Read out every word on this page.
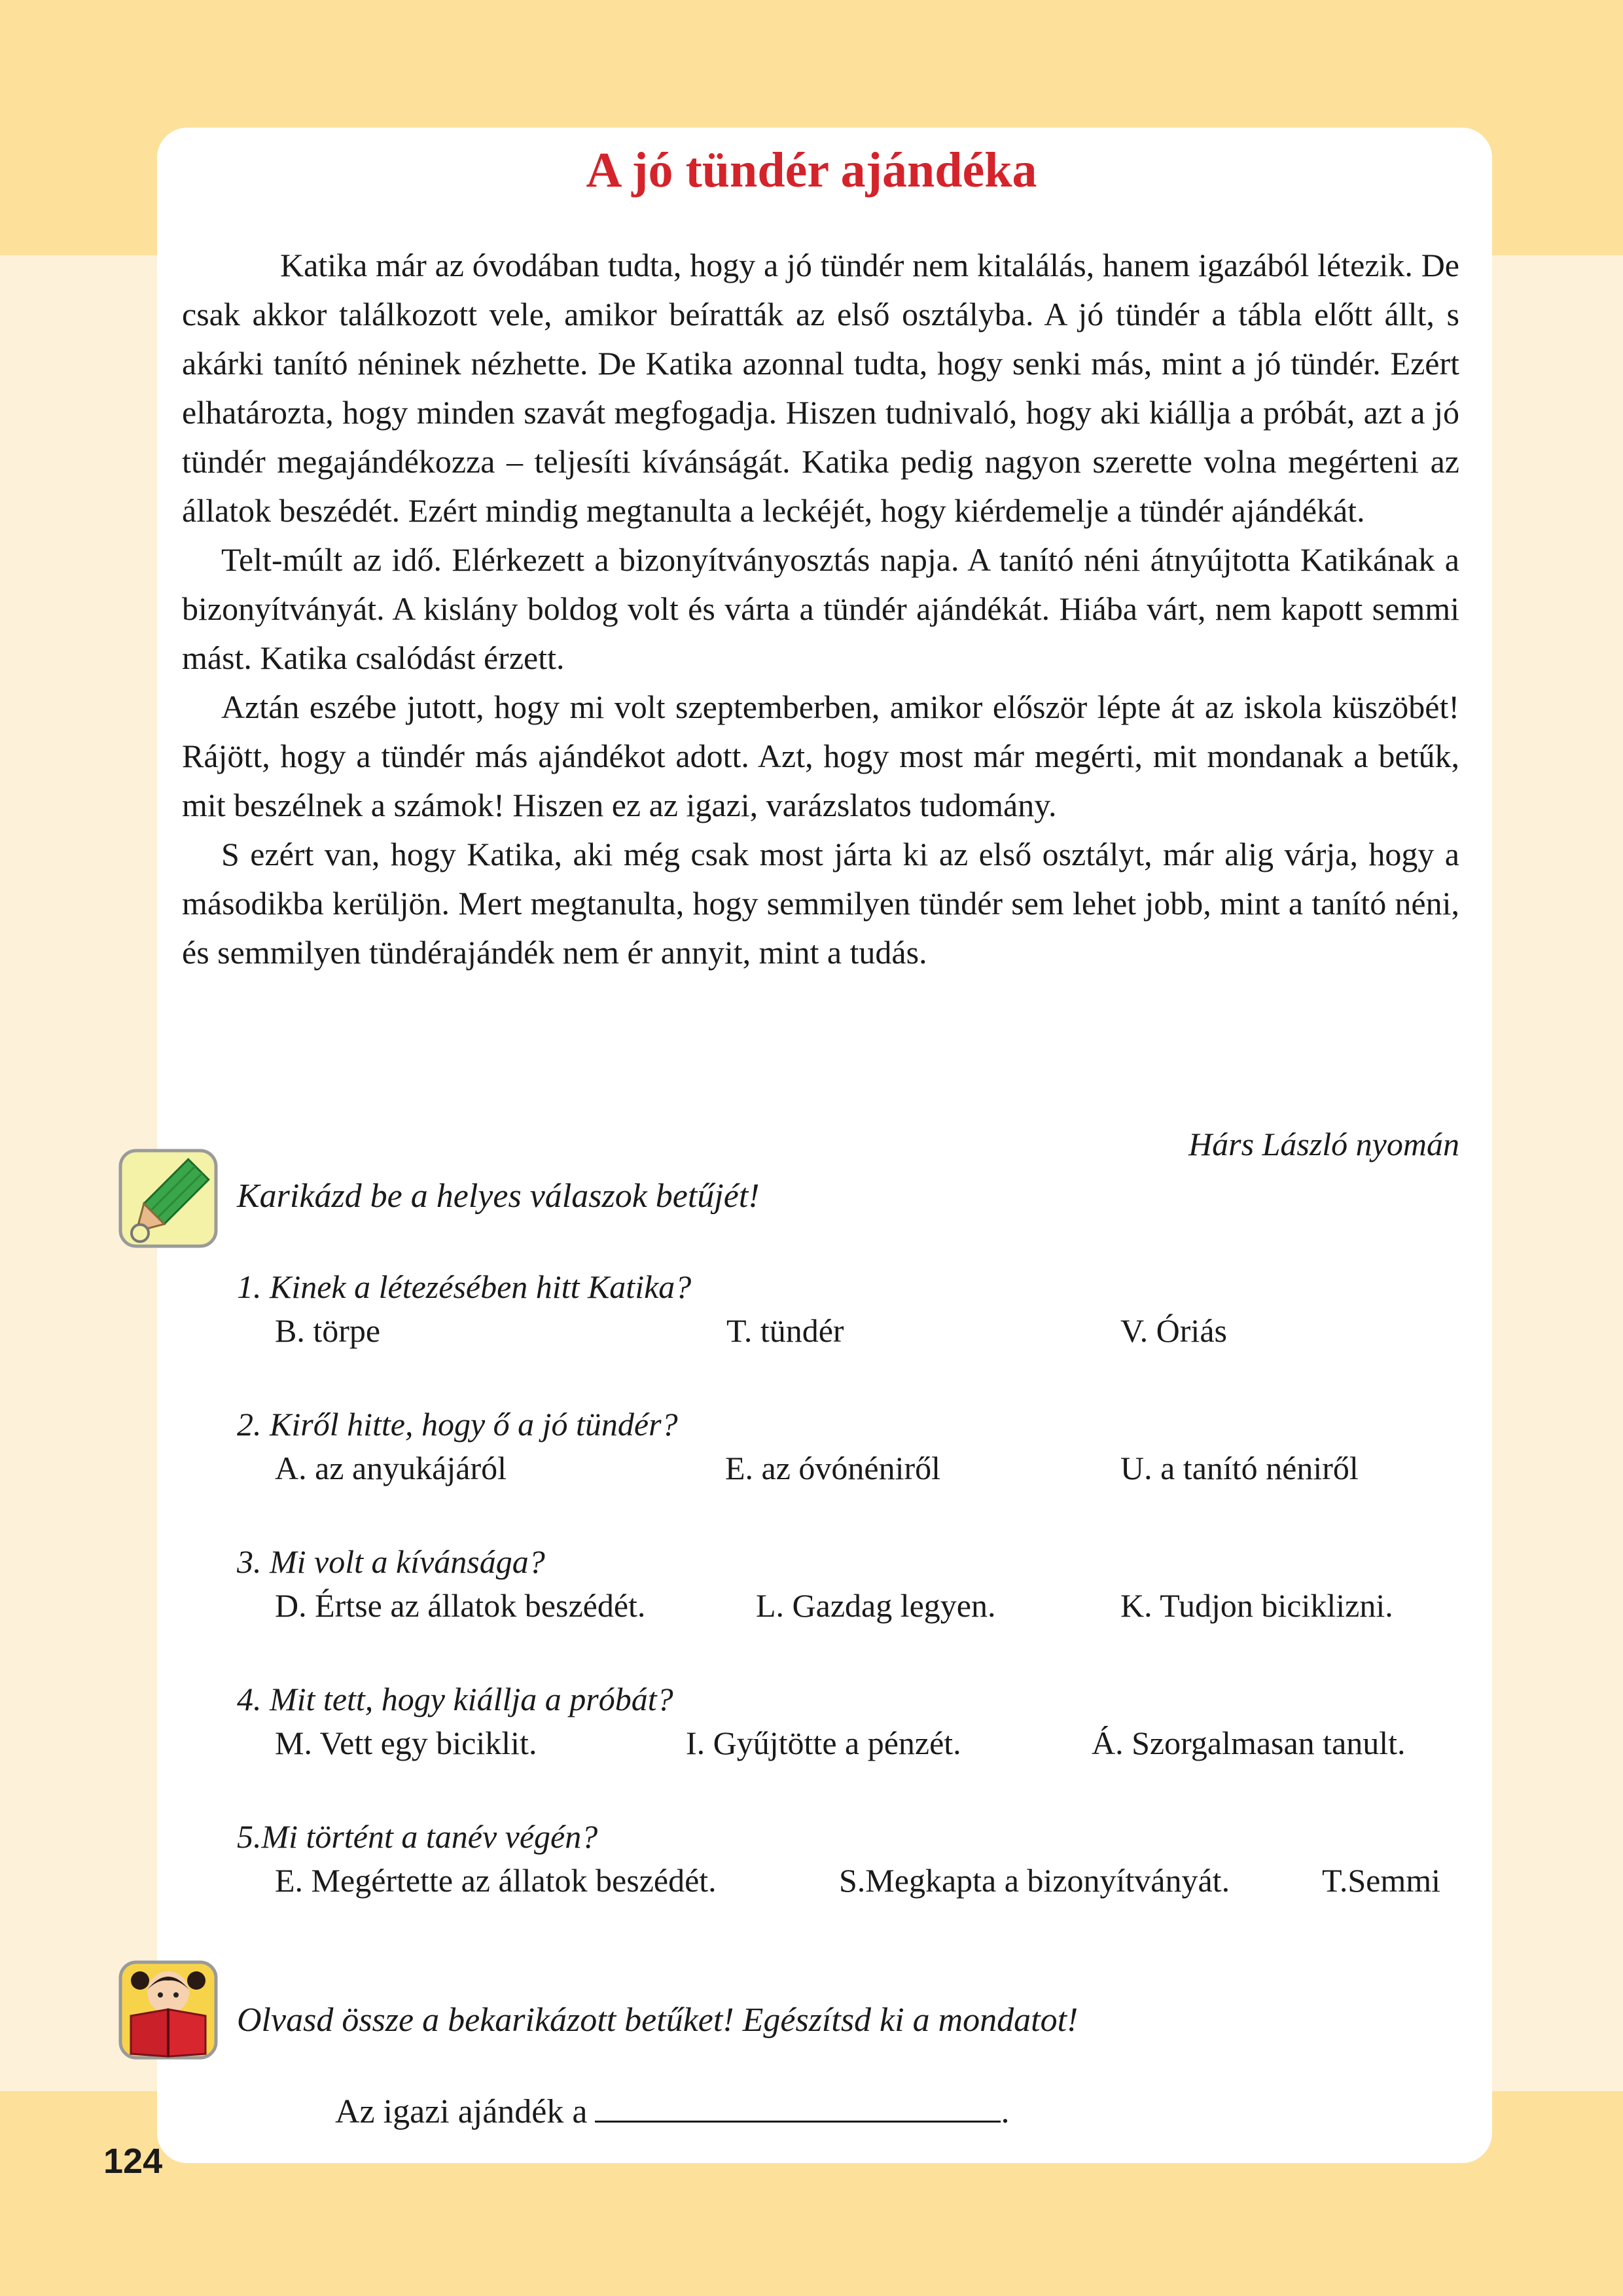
A jó tündér ajándéka

Katika már az óvodában tudta, hogy a jó tündér nem kitalálás, hanem igazából létezik. De csak akkor találkozott vele, amikor beíratták az első osztályba. A jó tündér a tábla előtt állt, s akárki tanító néninek nézhette. De Katika azonnal tudta, hogy senki más, mint a jó tündér. Ezért elhatározta, hogy minden szavát megfogadja. Hiszen tudnivaló, hogy aki kiállja a próbát, azt a jó tündér megajándékozza – teljesíti kívánságát. Katika pedig nagyon szerette volna megérteni az állatok beszédét. Ezért mindig megtanulta a leckéjét, hogy kiérdemelje a tündér ajándékát.

Telt-múlt az idő. Elérkezett a bizonyítványosztás napja. A tanító néni átnyújtotta Katikának a bizonyítványát. A kislány boldog volt és várta a tündér ajándékát. Hiába várt, nem kapott semmi mást. Katika csalódást érzett.

Aztán eszébe jutott, hogy mi volt szeptemberben, amikor először lépte át az iskola küszöbét! Rájött, hogy a tündér más ajándékot adott. Azt, hogy most már megérti, mit mondanak a betűk, mit beszélnek a számok! Hiszen ez az igazi, varázslatos tudomány.

S ezért van, hogy Katika, aki még csak most járta ki az első osztályt, már alig várja, hogy a másodikba kerüljön. Mert megtanulta, hogy semmilyen tündér sem lehet jobb, mint a tanító néni, és semmilyen tündérajándék nem ér annyit, mint a tudás.

Hárs László nyomán
Karikázd be a helyes válaszok betűjét!
1. Kinek a létezésében hitt Katika?
B. törpe	T. tündér	V. Óriás
2. Kiről hitte, hogy ő a jó tündér?
A. az anyukájáról	E. az óvónéniről	U. a tanító néniről
3. Mi volt a kívánsága?
D. Értse az állatok beszédét.	L. Gazdag legyen.	K. Tudjon biciklizni.
4. Mit tett, hogy kiállja a próbát?
M. Vett egy biciklit.	I. Gyűjtötte a pénzét.	Á. Szorgalmasan tanult.
5.Mi történt a tanév végén?
E. Megértette az állatok beszédét.	S.Megkapta a bizonyítványát.	T.Semmi
Olvasd össze a bekarikázott betűket! Egészítsd ki a mondatot!
Az igazi ajándék a	.
124
